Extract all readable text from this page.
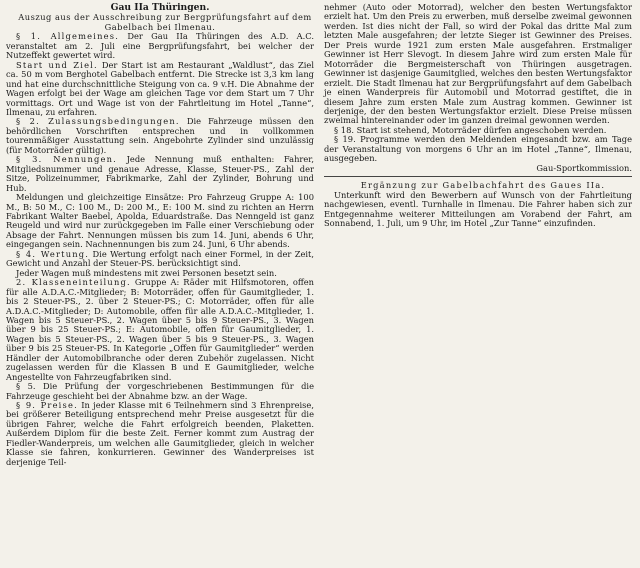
Gau IIa Thüringen.

Auszug aus der Ausschreibung zur Bergprüfungsfahrt auf dem Gabelbach bei Ilmenau.

§ 1. Allgemeines. Der Gau IIa Thüringen des A.D. A.C. veranstaltet am 2. Juli eine Bergprüfungsfahrt, bei welcher der Nutzeffekt gewertet wird.

Start und Ziel. Der Start ist am Restaurant „Waldlust“, das Ziel ca. 50 m vom Berghotel Gabelbach entfernt. Die Strecke ist 3,3 km lang und hat eine durchschnittliche Steigung von ca. 9 v.H. Die Abnahme der Wagen erfolgt bei der Wage am gleichen Tage vor dem Start um 7 Uhr vormittags. Ort und Wage ist von der Fahrtleitung im Hotel „Tanne“, Ilmenau, zu erfahren.

§ 2. Zulassungsbedingungen. Die Fahrzeuge müssen den behördlichen Vorschriften entsprechen und in vollkommen tourenmäßiger Ausstattung sein. Angebohrte Zylinder sind unzulässig (für Motorräder gültig).

§ 3. Nennungen. Jede Nennung muß enthalten: Fahrer, Mitgliedsnummer und genaue Adresse, Klasse, Steuer-PS., Zahl der Sitze, Polizeinummer, Fabrikmarke, Zahl der Zylinder, Bohrung und Hub.

Meldungen und gleichzeitige Einsätze: Pro Fahrzeug Gruppe A: 100 M., B: 50 M., C: 100 M., D: 200 M., E: 100 M. sind zu richten an Herrn Fabrikant Walter Baebel, Apolda, Eduardstraße. Das Nenngeld ist ganz Reugeld und wird nur zurückgegeben im Falle einer Verschiebung oder Absage der Fahrt. Nennungen müssen bis zum 14. Juni, abends 6 Uhr, eingegangen sein. Nachnennungen bis zum 24. Juni, 6 Uhr abends.

§ 4. Wertung. Die Wertung erfolgt nach einer Formel, in der Zeit, Gewicht und Anzahl der Steuer-PS. berücksichtigt sind.

Jeder Wagen muß mindestens mit zwei Personen besetzt sein.

2. Klasseneinteilung. Gruppe A: Räder mit Hilfsmotoren, offen für alle A.D.A.C.-Mitglieder; B: Motorräder, offen für Gaumitglieder, 1. bis 2 Steuer-PS., 2. über 2 Steuer-PS.; C: Motorräder, offen für alle A.D.A.C.-Mitglieder; D: Automobile, offen für alle A.D.A.C.-Mitglieder, 1. Wagen bis 5 Steuer-PS., 2. Wagen über 5 bis 9 Steuer-PS., 3. Wagen über 9 bis 25 Steuer-PS.; E: Automobile, offen für Gaumitglieder, 1. Wagen bis 5 Steuer-PS., 2. Wagen über 5 bis 9 Steuer-PS., 3. Wagen über 9 bis 25 Steuer-PS. In Kategorie „Offen für Gaumitglieder“ werden Händler der Automobilbranche oder deren Zubehör zugelassen. Nicht zugelassen werden für die Klassen B und E Gaumitglieder, welche Angestellte von Fahrzeugfabriken sind.

§ 5. Die Prüfung der vorgeschriebenen Bestimmungen für die Fahrzeuge geschieht bei der Abnahme bzw. an der Wage.

§ 9. Preise. In jeder Klasse mit 6 Teilnehmern sind 3 Ehrenpreise, bei größerer Beteiligung entsprechend mehr Preise ausgesetzt für die übrigen Fahrer, welche die Fahrt erfolgreich beenden, Plaketten. Außerdem Diplom für die beste Zeit. Ferner kommt zum Austrag der Fiedler-Wanderpreis, um welchen alle Gaumitglieder, gleich in welcher Klasse sie fahren, konkurrieren. Gewinner des Wanderpreises ist derjenige Teil-

nehmer (Auto oder Motorrad), welcher den besten Wertungsfaktor erzielt hat. Um den Preis zu erwerben, muß derselbe zweimal gewonnen werden. Ist dies nicht der Fall, so wird der Pokal das dritte Mal zum letzten Male ausgefahren; der letzte Sieger ist Gewinner des Preises. Der Preis wurde 1921 zum ersten Male ausgefahren. Erstmaliger Gewinner ist Herr Slevogt. In diesem Jahre wird zum ersten Male für Motorräder die Bergmeisterschaft von Thüringen ausgetragen. Gewinner ist dasjenige Gaumitglied, welches den besten Wertungsfaktor erzielt. Die Stadt Ilmenau hat zur Bergprüfungsfahrt auf dem Gabelbach je einen Wanderpreis für Automobil und Motorrad gestiftet, die in diesem Jahre zum ersten Male zum Austrag kommen. Gewinner ist derjenige, der den besten Wertungsfaktor erzielt. Diese Preise müssen zweimal hintereinander oder im ganzen dreimal gewonnen werden.

§ 18. Start ist stehend, Motorräder dürfen angeschoben werden.

§ 19. Programme werden den Meldenden eingesandt bzw. am Tage der Veranstaltung von morgens 6 Uhr an im Hotel „Tanne“, Ilmenau, ausgegeben.

Gau-Sportkommission.

Ergänzung zur Gabelbachfahrt des Gaues IIa.

Unterkunft wird den Bewerbern auf Wunsch von der Fahrtleitung nachgewiesen, eventl. Turnhalle in Ilmenau. Die Fahrer haben sich zur Entgegennahme weiterer Mitteilungen am Vorabend der Fahrt, am Sonnabend, 1. Juli, um 9 Uhr, im Hotel „Zur Tanne“ einzufinden.
